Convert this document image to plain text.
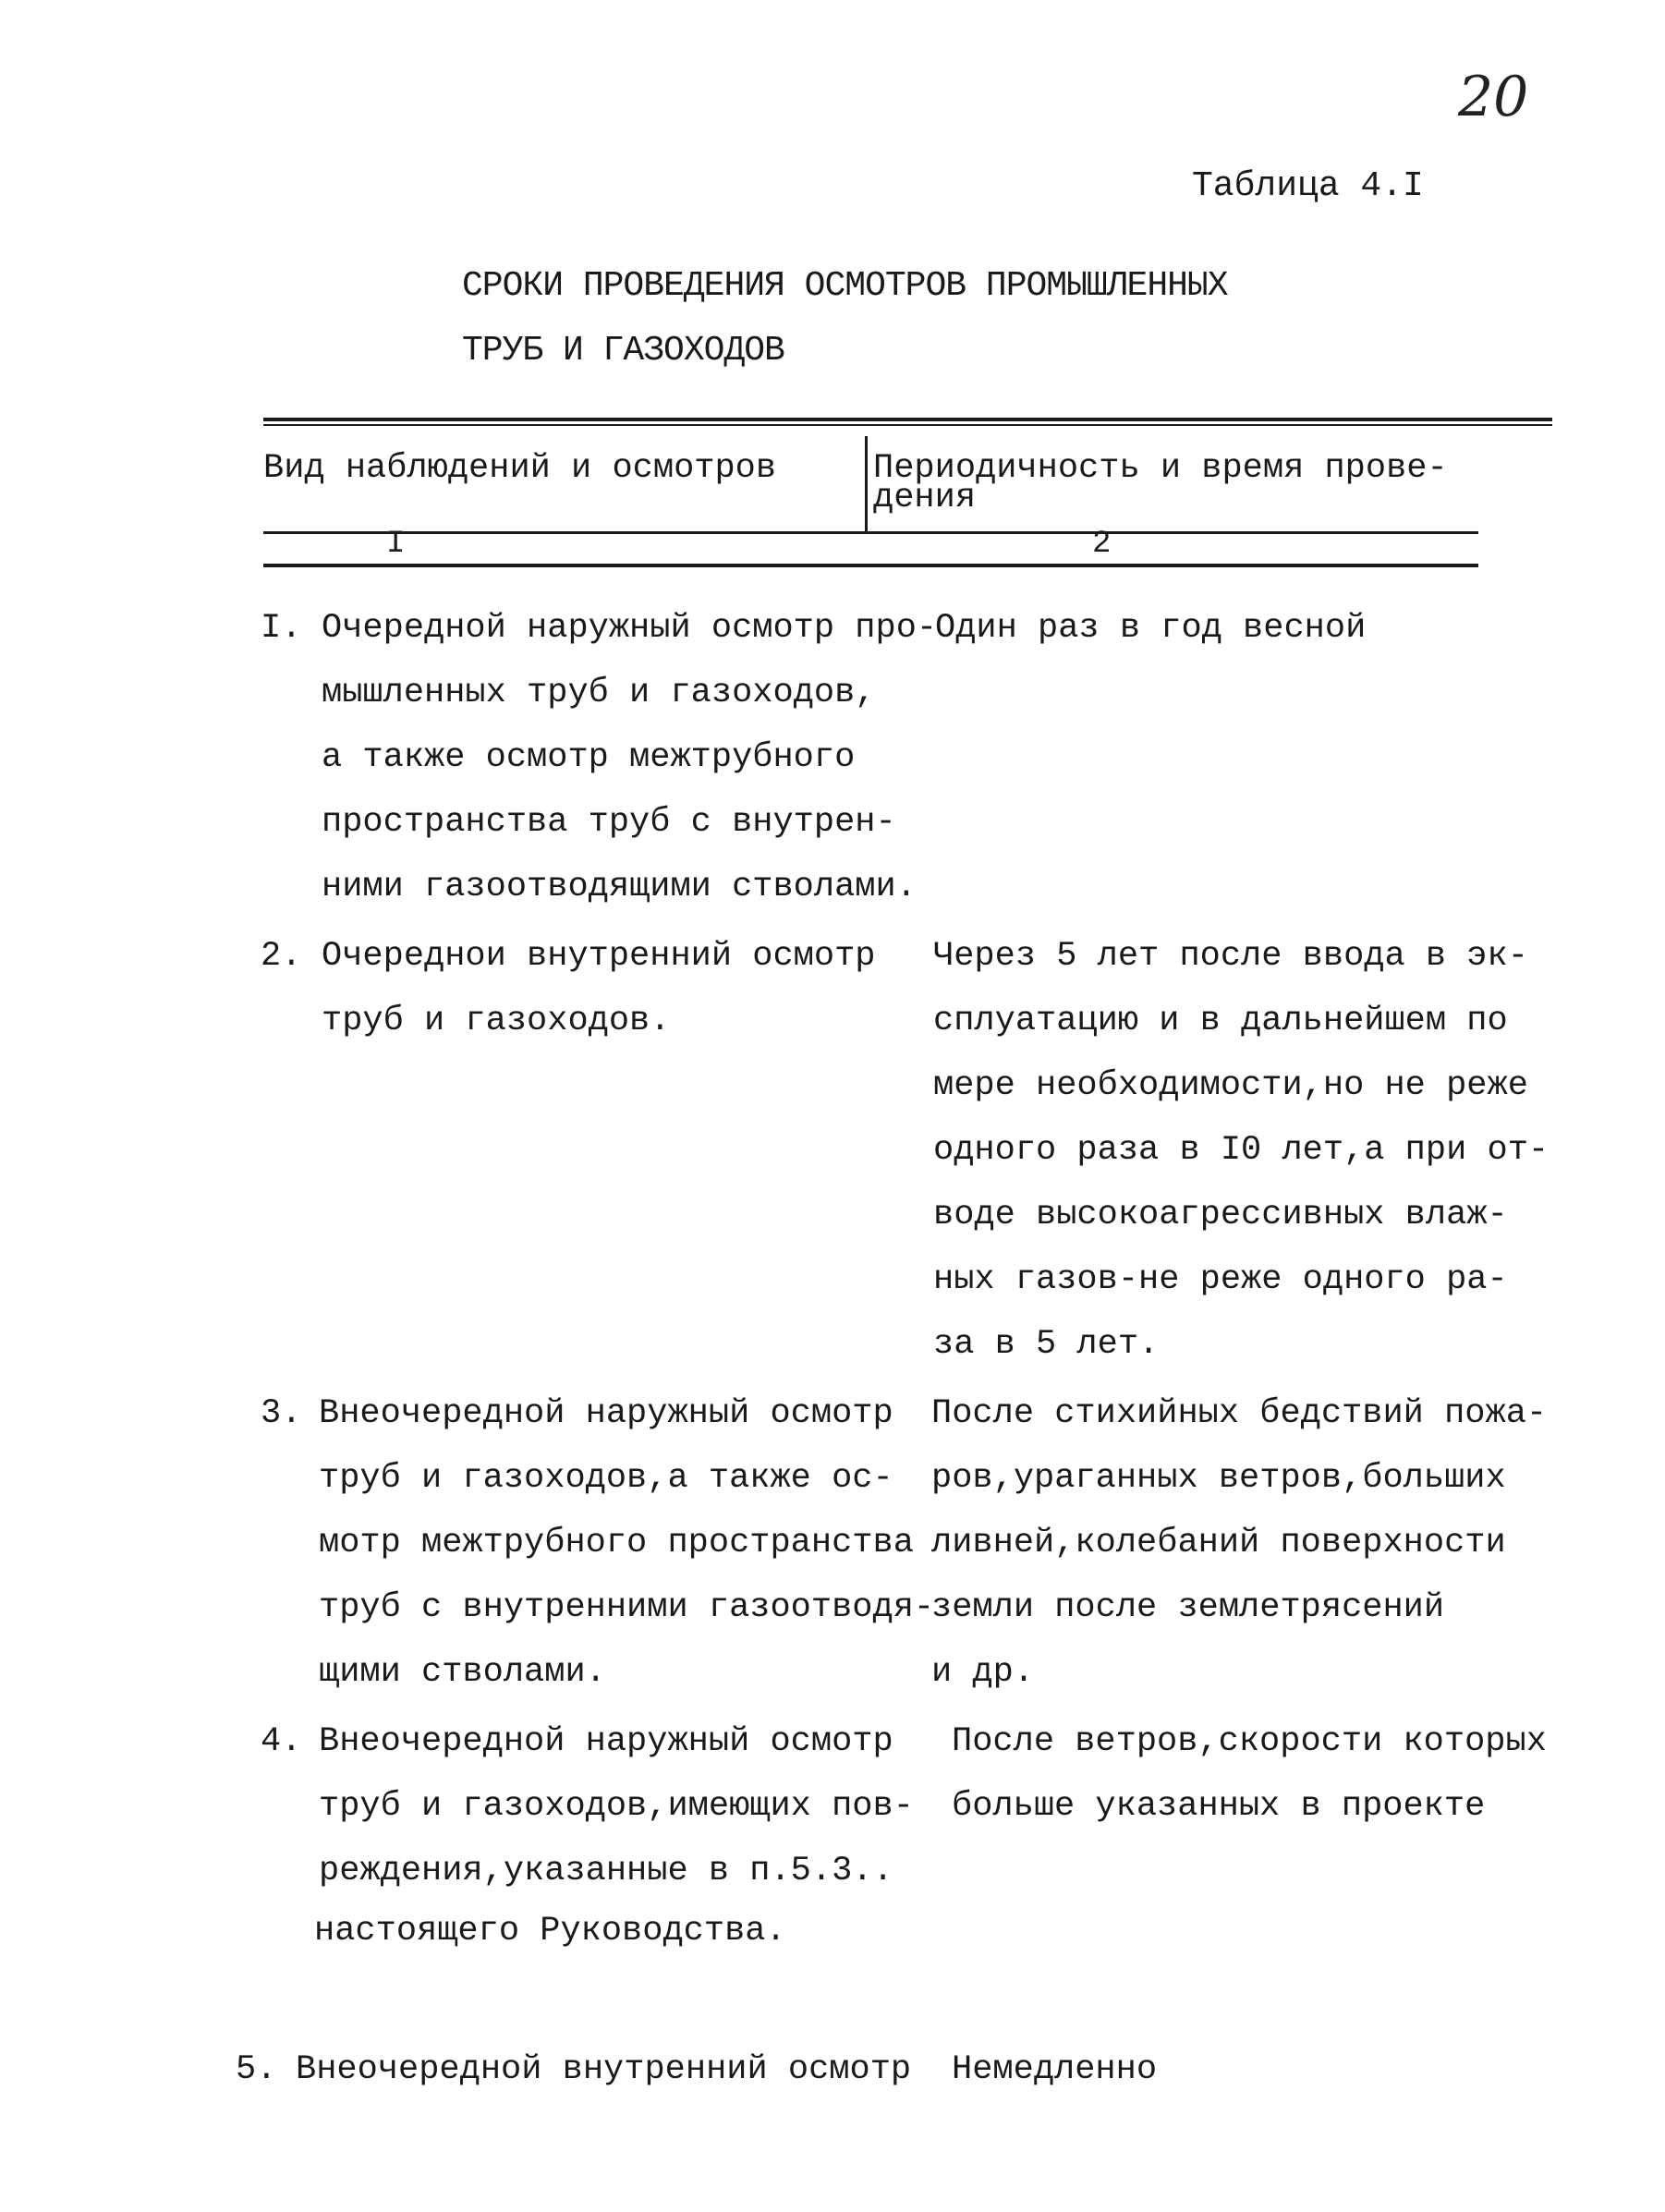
20
Таблица 4.I
СРОКИ ПРОВЕДЕНИЯ ОСМОТРОВ ПРОМЫШЛЕННЫХ
ТРУБ И ГАЗОХОДОВ
Вид наблюдений и осмотров	Периодичность и время прове-
дения
I	2
I. Очередной наружный осмотр про-
мышленных труб и газоходов,
а также осмотр межтрубного
пространства труб с внутрен-
ними газоотводящими стволами.
Один раз в год весной
2. Очереднои внутренний осмотр
труб и газоходов.
Через 5 лет после ввода в эк-
сплуатацию и в дальнейшем по
мере необходимости,но не реже
одного раза в I0 лет,а при от-
воде высокоагрессивных влаж-
ных газов-не реже одного ра-
за в 5 лет.
3. Внеочередной наружный осмотр
труб и газоходов,а также ос-
мотр межтрубного пространства
труб с внутренними газоотводя-
щими стволами.
После стихийных бедствий пожа-
ров,ураганных ветров,больших
ливней,колебаний поверхности
земли после землетрясений
и др.
4. Внеочередной наружный осмотр
труб и газоходов,имеющих пов-
реждения,указанные в п.5.3..
настоящего Руководства.
После ветров,скорости которых
больше указанных в проекте
5. Внеочередной внутренний осмотр Немедленно
